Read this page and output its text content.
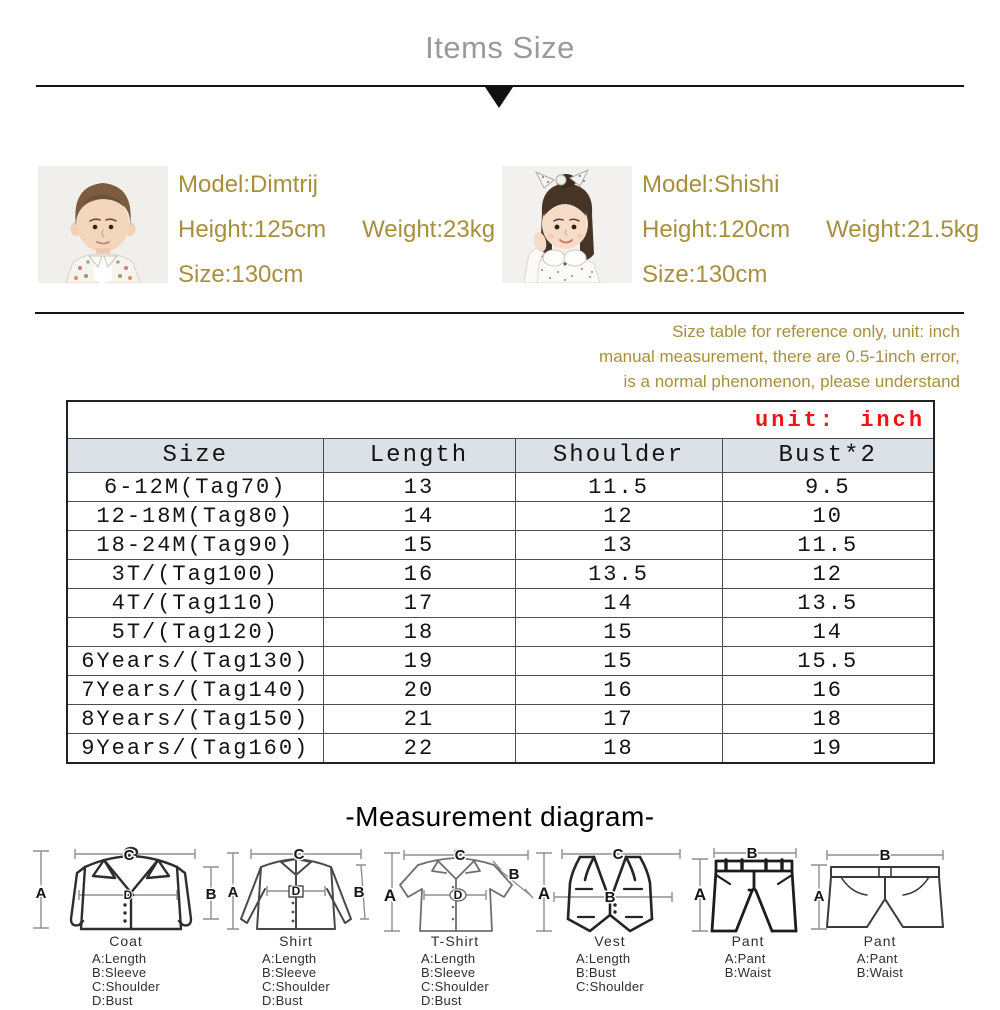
Items Size
Model:Dimtrij
Height:125cm Weight:23kg
Size:130cm
Model:Shishi
Height:120cm Weight:21.5kg
Size:130cm
Size table for reference only, unit: inch
manual measurement, there are 0.5-1inch error,
is a normal phenomenon, please understand
unit: inch			
Size	Length	Shoulder	Bust*2
6-12M(Tag70)	13	11.5	9.5
12-18M(Tag80)	14	12	10
18-24M(Tag90)	15	13	11.5
3T/(Tag100)	16	13.5	12
4T/(Tag110)	17	14	13.5
5T/(Tag120)	18	15	14
6Years/(Tag130)	19	15	15.5
7Years/(Tag140)	20	16	16
8Years/(Tag150)	21	17	18
9Years/(Tag160)	22	18	19
-Measurement diagram-
A
C
B
D
Coat
A:Length
B:Sleeve
C:Shoulder
D:Bust
A
C
B
D
Shirt
A:Length
B:Sleeve
C:Shoulder
D:Bust
A
C
B
D
T-Shirt
A:Length
B:Sleeve
C:Shoulder
D:Bust
A
C
B
Vest
A:Length
B:Bust
C:Shoulder
A
B
Pant
A:Pant
B:Waist
A
B
Pant
A:Pant
B:Waist
